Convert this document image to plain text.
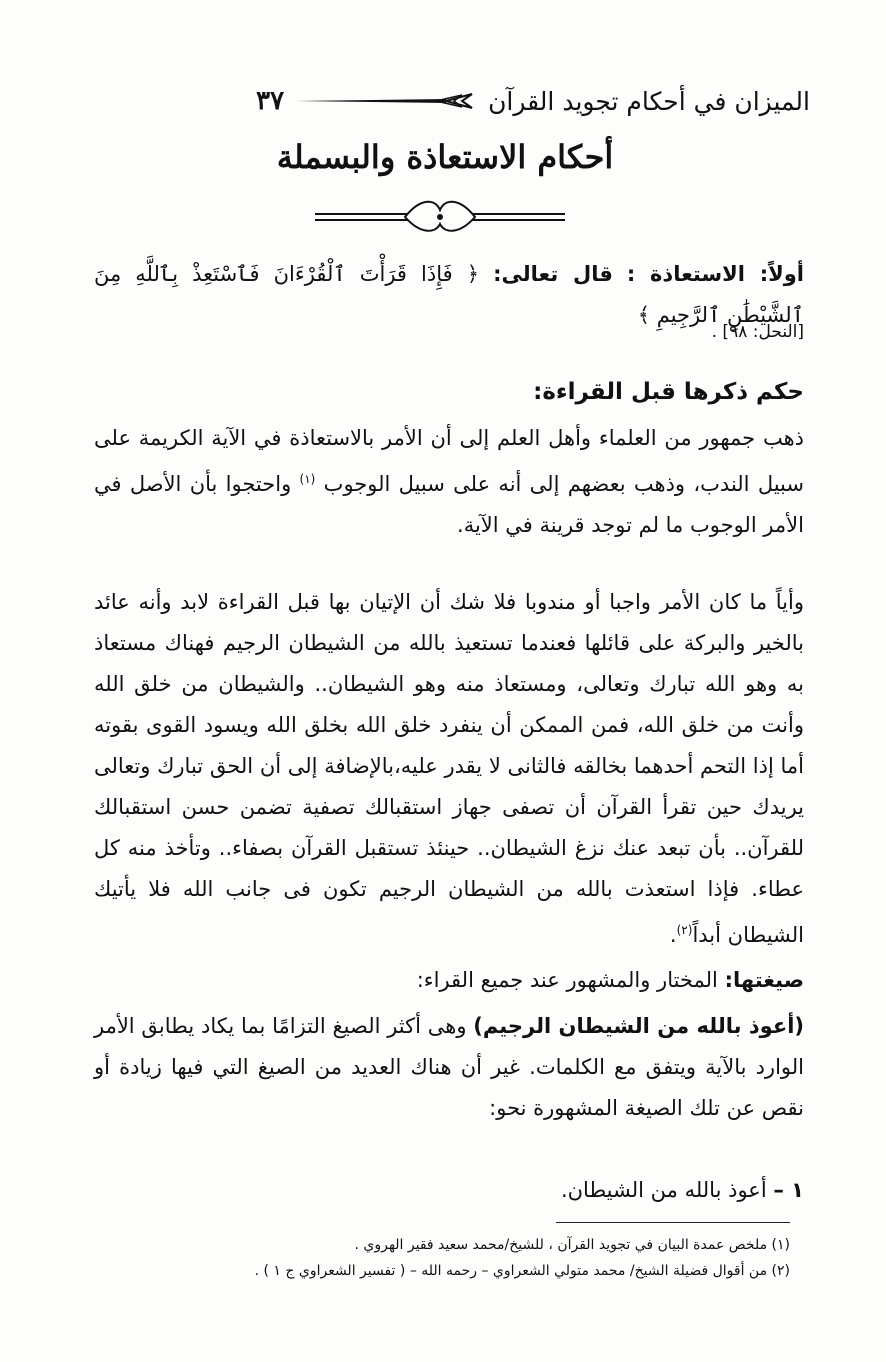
الميزان في أحكام تجويد القرآن
٣٧
أحكام الاستعاذة والبسملة
أولاً: الاستعاذة : قال تعالى: ﴿ فَإِذَا قَرَأْتَ ٱلْقُرْءَانَ فَٱسْتَعِذْ بِٱللَّهِ مِنَ ٱلشَّيْطَٰنِ ٱلرَّجِيمِ ﴾
[النحل: ٩٨] .
حكم ذكرها قبل القراءة:
ذهب جمهور من العلماء وأهل العلم إلى أن الأمر بالاستعاذة في الآية الكريمة على سبيل الندب، وذهب بعضهم إلى أنه على سبيل الوجوب $^{(١)}$ واحتجوا بأن الأصل في الأمر الوجوب ما لم توجد قرينة في الآية.
وأياً ما كان الأمر واجبا أو مندوبا فلا شك أن الإتيان بها قبل القراءة لابد وأنه عائد بالخير والبركة على قائلها فعندما تستعيذ بالله من الشيطان الرجيم فهناك مستعاذ به وهو الله تبارك وتعالى، ومستعاذ منه وهو الشيطان.. والشيطان من خلق الله وأنت من خلق الله، فمن الممكن أن ينفرد خلق الله بخلق الله ويسود القوى بقوته أما إذا التحم أحدهما بخالقه فالثانى لا يقدر عليه،بالإضافة إلى أن الحق تبارك وتعالى يريدك حين تقرأ القرآن أن تصفى جهاز استقبالك تصفية تضمن حسن استقبالك للقرآن.. بأن تبعد عنك نزغ الشيطان.. حينئذ تستقبل القرآن بصفاء.. وتأخذ منه كل عطاء. فإذا استعذت بالله من الشيطان الرجيم تكون فى جانب الله فلا يأتيك الشيطان أبداً$^{(٢)}$.
صيغتها: المختار والمشهور عند جميع القراء:
(أعوذ بالله من الشيطان الرجيم) وهى أكثر الصيغ التزامًا بما يكاد يطابق الأمر الوارد بالآية ويتفق مع الكلمات. غير أن هناك العديد من الصيغ التي فيها زيادة أو نقص عن تلك الصيغة المشهورة نحو:
١ – أعوذ بالله من الشيطان.
(١) ملخص عمدة البيان في تجويد القرآن ، للشيخ/محمد سعيد فقير الهروي .
(٢) من أقوال فضيلة الشيخ/ محمد متولي الشعراوي – رحمه الله – ( تفسير الشعراوي ج ١ ) .
